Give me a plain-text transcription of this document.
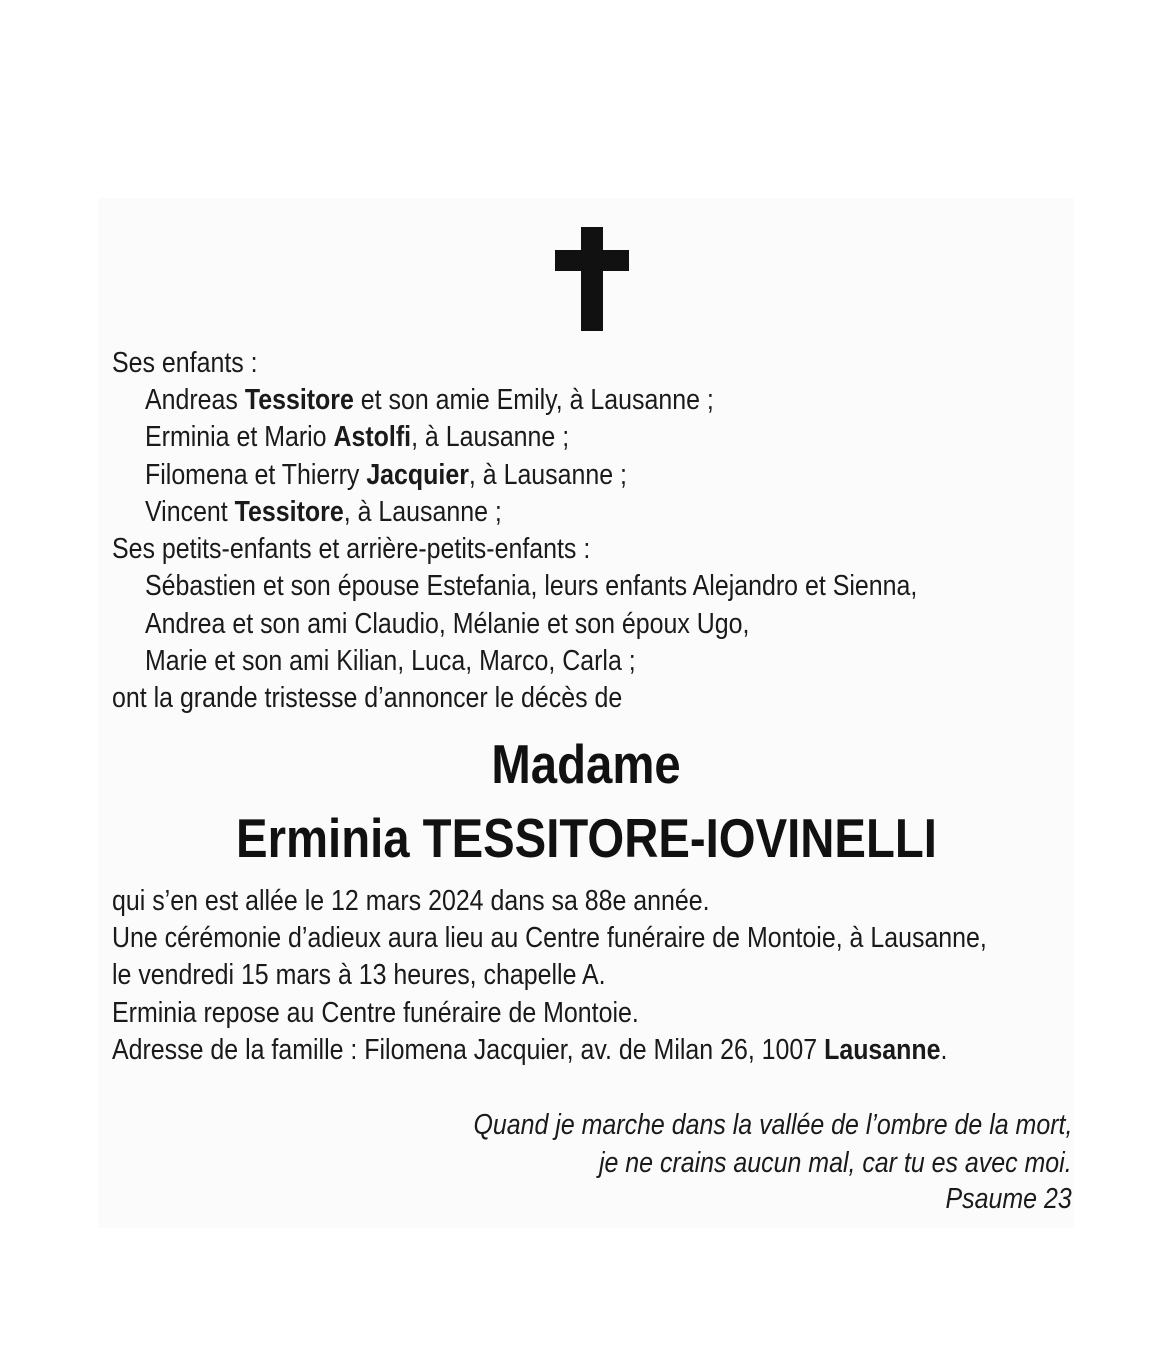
Ses enfants :
Andreas Tessitore et son amie Emily, à Lausanne ;
Erminia et Mario Astolfi, à Lausanne ;
Filomena et Thierry Jacquier, à Lausanne ;
Vincent Tessitore, à Lausanne ;
Ses petits-enfants et arrière-petits-enfants :
Sébastien et son épouse Estefania, leurs enfants Alejandro et Sienna,
Andrea et son ami Claudio, Mélanie et son époux Ugo,
Marie et son ami Kilian, Luca, Marco, Carla ;
ont la grande tristesse d’annoncer le décès de
Madame
Erminia TESSITORE-IOVINELLI
qui s’en est allée le 12 mars 2024 dans sa 88e année.
Une cérémonie d’adieux aura lieu au Centre funéraire de Montoie, à Lausanne,
le vendredi 15 mars à 13 heures, chapelle A.
Erminia repose au Centre funéraire de Montoie.
Adresse de la famille : Filomena Jacquier, av. de Milan 26, 1007 Lausanne.
Quand je marche dans la vallée de l’ombre de la mort,
je ne crains aucun mal, car tu es avec moi.
Psaume 23
